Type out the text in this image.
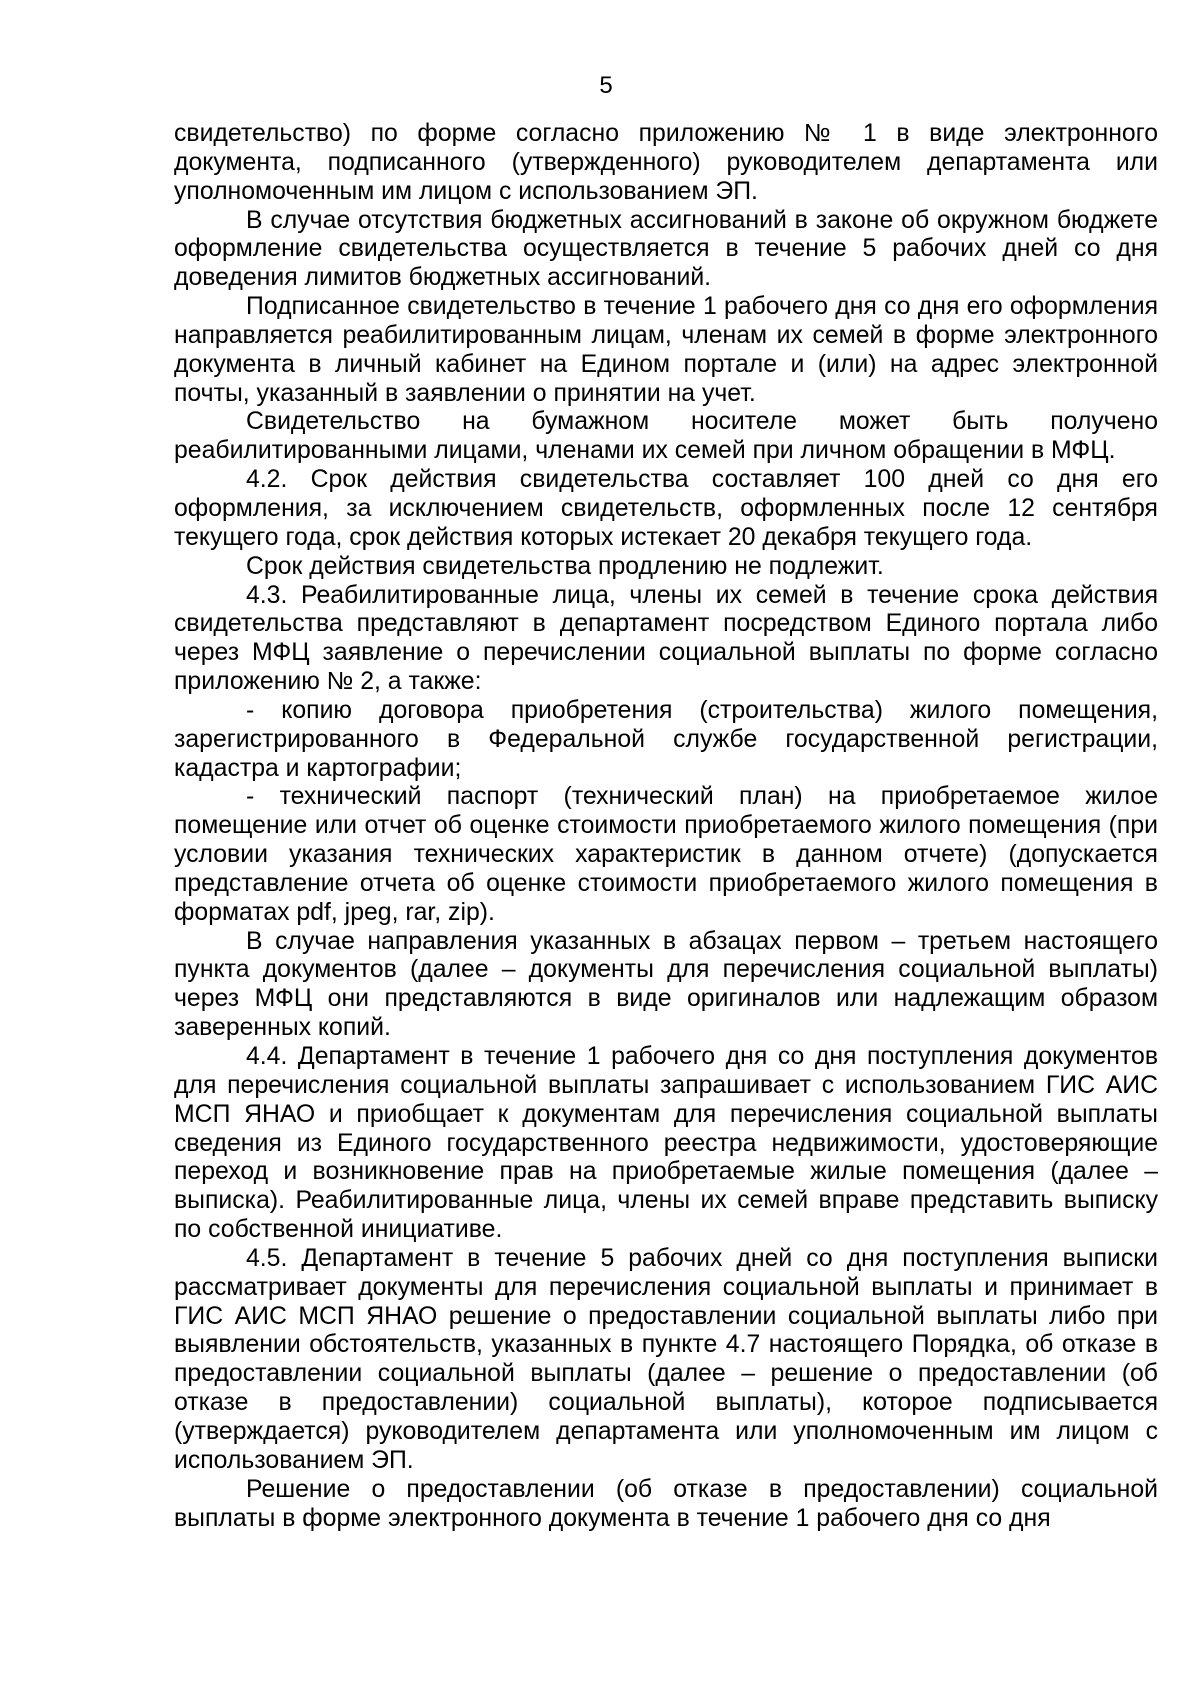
5

свидетельство) по форме согласно приложению № 1 в виде электронного документа, подписанного (утвержденного) руководителем департамента или уполномоченным им лицом с использованием ЭП.

В случае отсутствия бюджетных ассигнований в законе об окружном бюджете оформление свидетельства осуществляется в течение 5 рабочих дней со дня доведения лимитов бюджетных ассигнований.

Подписанное свидетельство в течение 1 рабочего дня со дня его оформления направляется реабилитированным лицам, членам их семей в форме электронного документа в личный кабинет на Едином портале и (или) на адрес электронной почты, указанный в заявлении о принятии на учет.

Свидетельство на бумажном носителе может быть получено реабилитированными лицами, членами их семей при личном обращении в МФЦ.

4.2. Срок действия свидетельства составляет 100 дней со дня его оформления, за исключением свидетельств, оформленных после 12 сентября текущего года, срок действия которых истекает 20 декабря текущего года.

Срок действия свидетельства продлению не подлежит.

4.3. Реабилитированные лица, члены их семей в течение срока действия свидетельства представляют в департамент посредством Единого портала либо через МФЦ заявление о перечислении социальной выплаты по форме согласно приложению № 2, а также:

- копию договора приобретения (строительства) жилого помещения, зарегистрированного в Федеральной службе государственной регистрации, кадастра и картографии;

- технический паспорт (технический план) на приобретаемое жилое помещение или отчет об оценке стоимости приобретаемого жилого помещения (при условии указания технических характеристик в данном отчете) (допускается представление отчета об оценке стоимости приобретаемого жилого помещения в форматах pdf, jpeg, rar, zip).

В случае направления указанных в абзацах первом – третьем настоящего пункта документов (далее – документы для перечисления социальной выплаты) через МФЦ они представляются в виде оригиналов или надлежащим образом заверенных копий.

4.4. Департамент в течение 1 рабочего дня со дня поступления документов для перечисления социальной выплаты запрашивает с использованием ГИС АИС МСП ЯНАО и приобщает к документам для перечисления социальной выплаты сведения из Единого государственного реестра недвижимости, удостоверяющие переход и возникновение прав на приобретаемые жилые помещения (далее – выписка). Реабилитированные лица, члены их семей вправе представить выписку по собственной инициативе.

4.5. Департамент в течение 5 рабочих дней со дня поступления выписки рассматривает документы для перечисления социальной выплаты и принимает в ГИС АИС МСП ЯНАО решение о предоставлении социальной выплаты либо при выявлении обстоятельств, указанных в пункте 4.7 настоящего Порядка, об отказе в предоставлении социальной выплаты (далее – решение о предоставлении (об отказе в предоставлении) социальной выплаты), которое подписывается (утверждается) руководителем департамента или уполномоченным им лицом с использованием ЭП.

Решение о предоставлении (об отказе в предоставлении) социальной выплаты в форме электронного документа в течение 1 рабочего дня со дня
